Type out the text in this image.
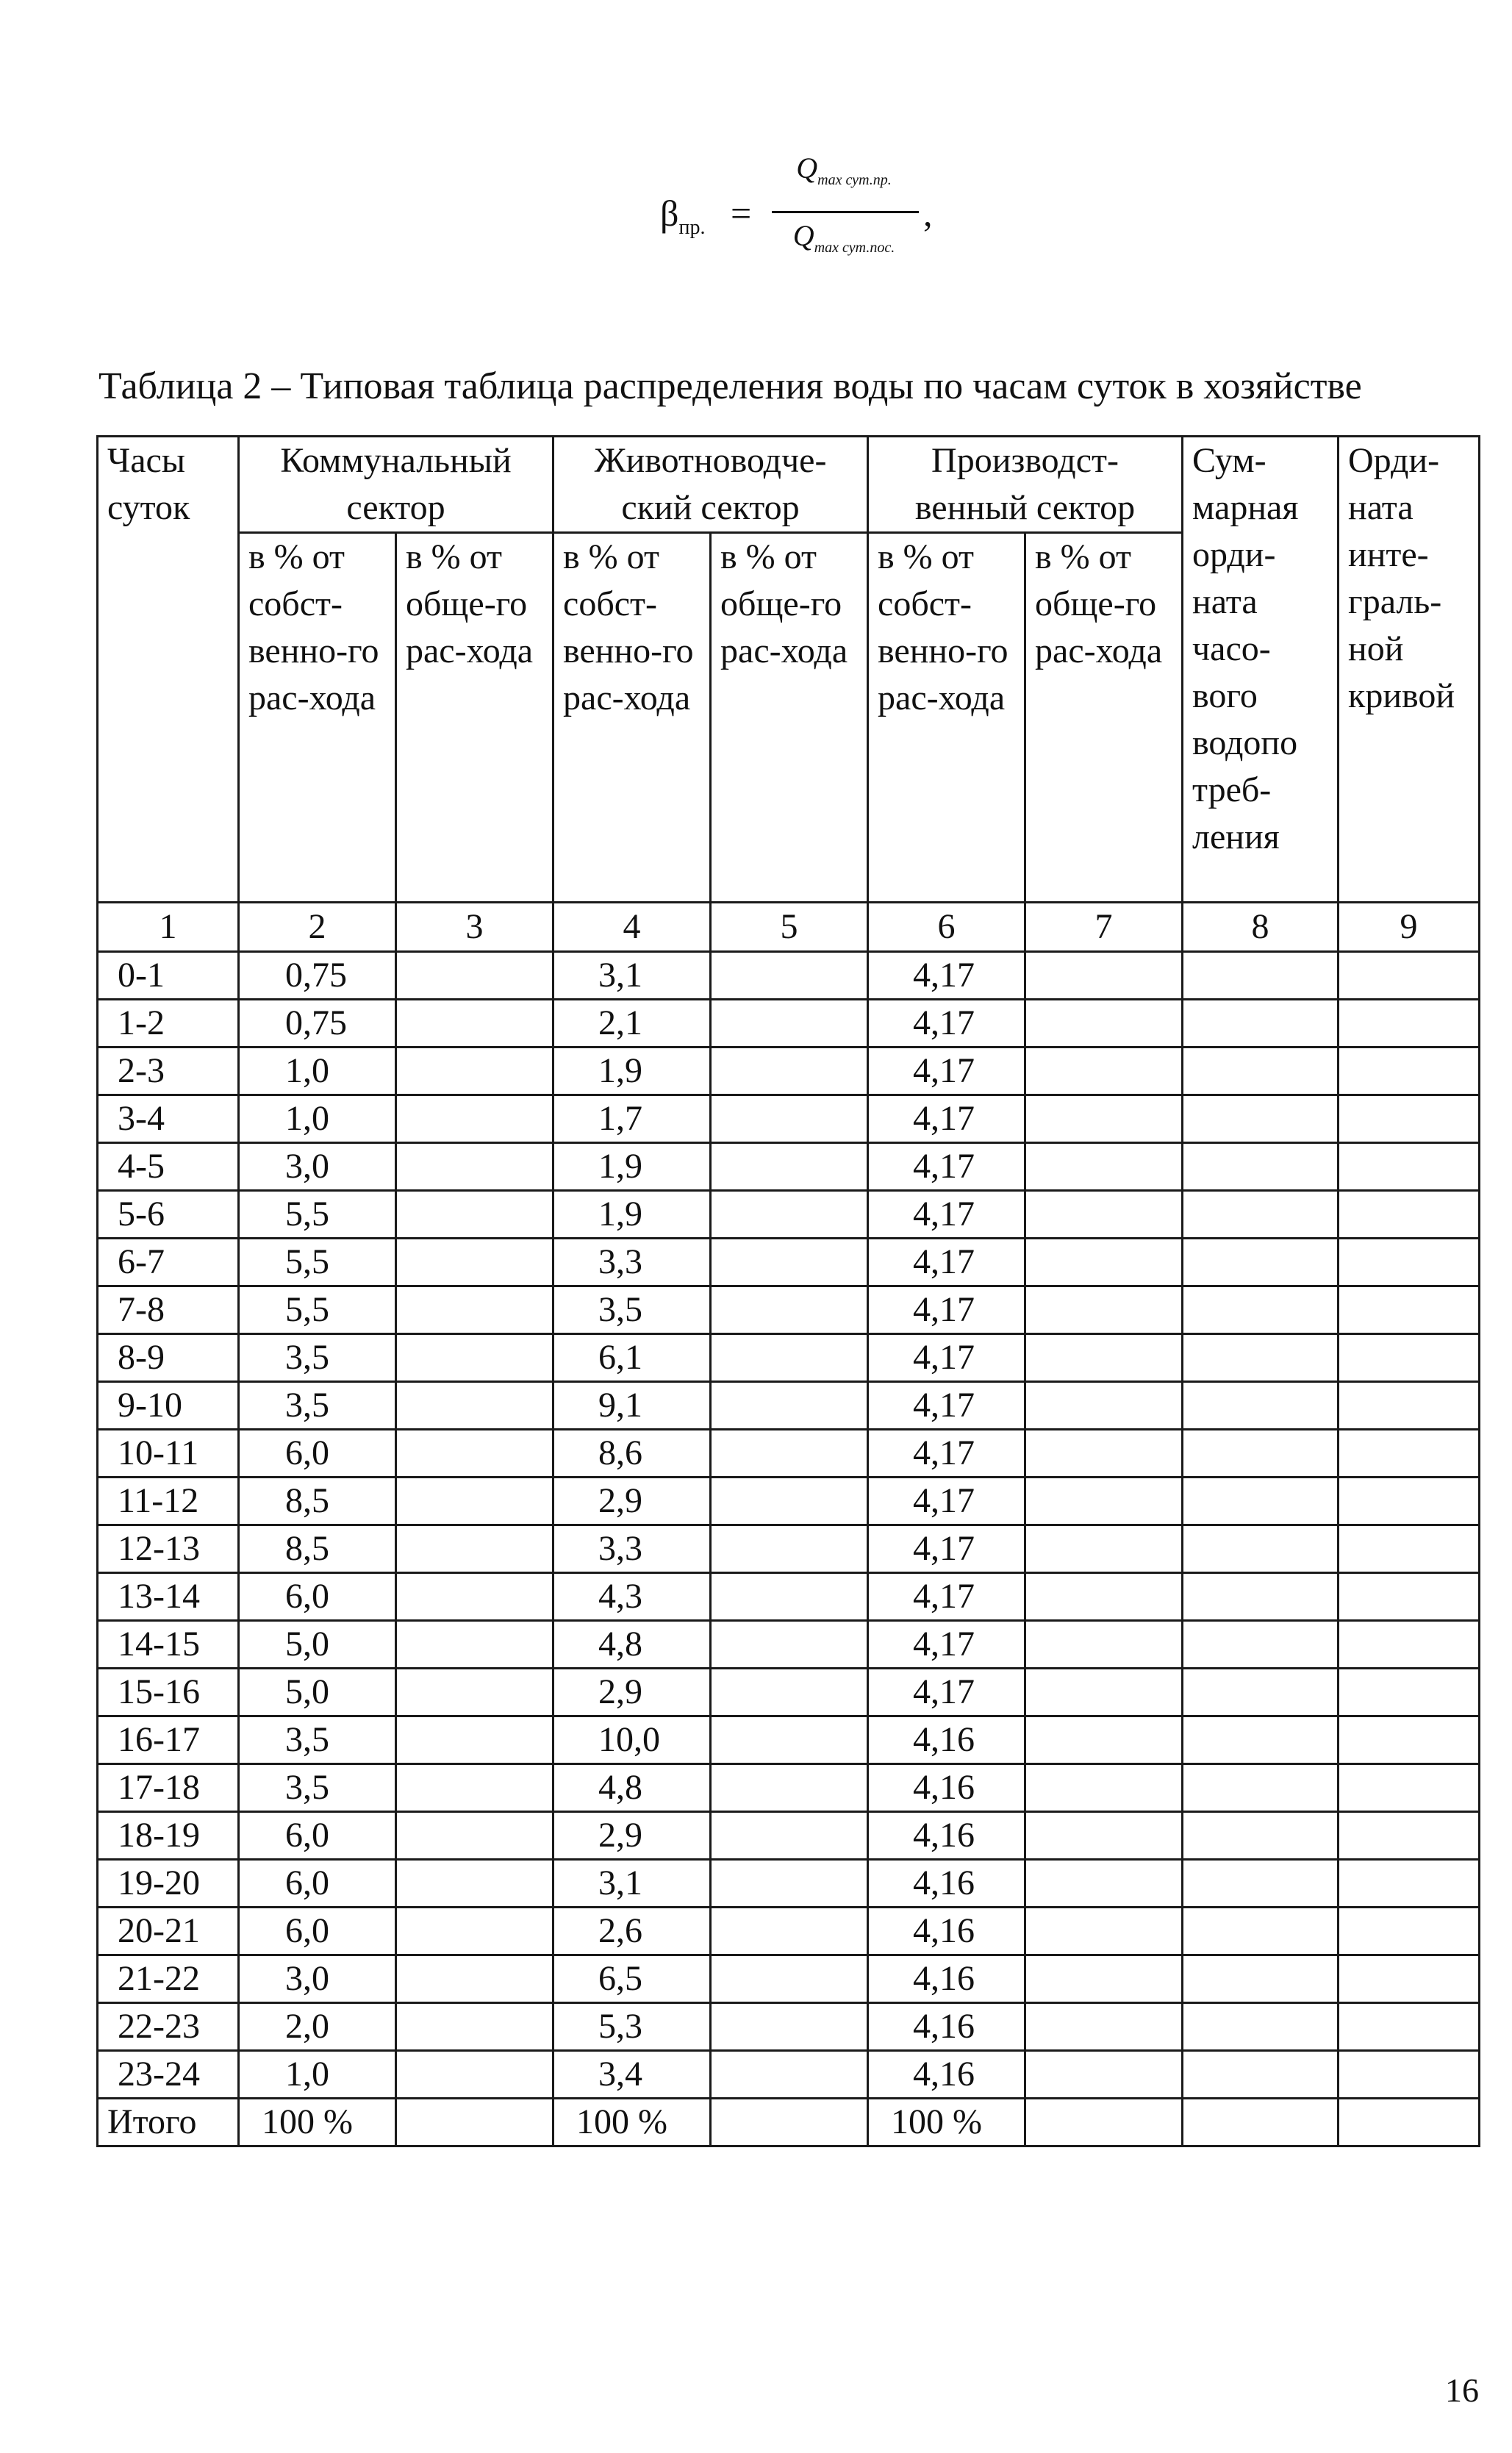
$\beta_{пр.}$ =
$Q_{max сут.пр.}$
$Q_{max сут.пос.}$
,
Таблица 2 – Типовая таблица распределения воды по часам суток в хозяйстве
Часы суток	Коммунальный сектор		Животноводче-ский сектор		Производст-венный сектор		Сум-марная орди-ната часо-вого водопо треб-ления	Орди-ната инте-граль-ной кривой
	в % от собст-венно-го рас-хода	в % от обще-го рас-хода	в % от собст-венно-го рас-хода	в % от обще-го рас-хода	в % от собст-венно-го рас-хода	в % от обще-го рас-хода		
1	2	3	4	5	6	7	8	9
0-1	0,75		3,1		4,17			
1-2	0,75		2,1		4,17			
2-3	1,0		1,9		4,17			
3-4	1,0		1,7		4,17			
4-5	3,0		1,9		4,17			
5-6	5,5		1,9		4,17			
6-7	5,5		3,3		4,17			
7-8	5,5		3,5		4,17			
8-9	3,5		6,1		4,17			
9-10	3,5		9,1		4,17			
10-11	6,0		8,6		4,17			
11-12	8,5		2,9		4,17			
12-13	8,5		3,3		4,17			
13-14	6,0		4,3		4,17			
14-15	5,0		4,8		4,17			
15-16	5,0		2,9		4,17			
16-17	3,5		10,0		4,16			
17-18	3,5		4,8		4,16			
18-19	6,0		2,9		4,16			
19-20	6,0		3,1		4,16			
20-21	6,0		2,6		4,16			
21-22	3,0		6,5		4,16			
22-23	2,0		5,3		4,16			
23-24	1,0		3,4		4,16			
Итого	100 %		100 %		100 %			
16
